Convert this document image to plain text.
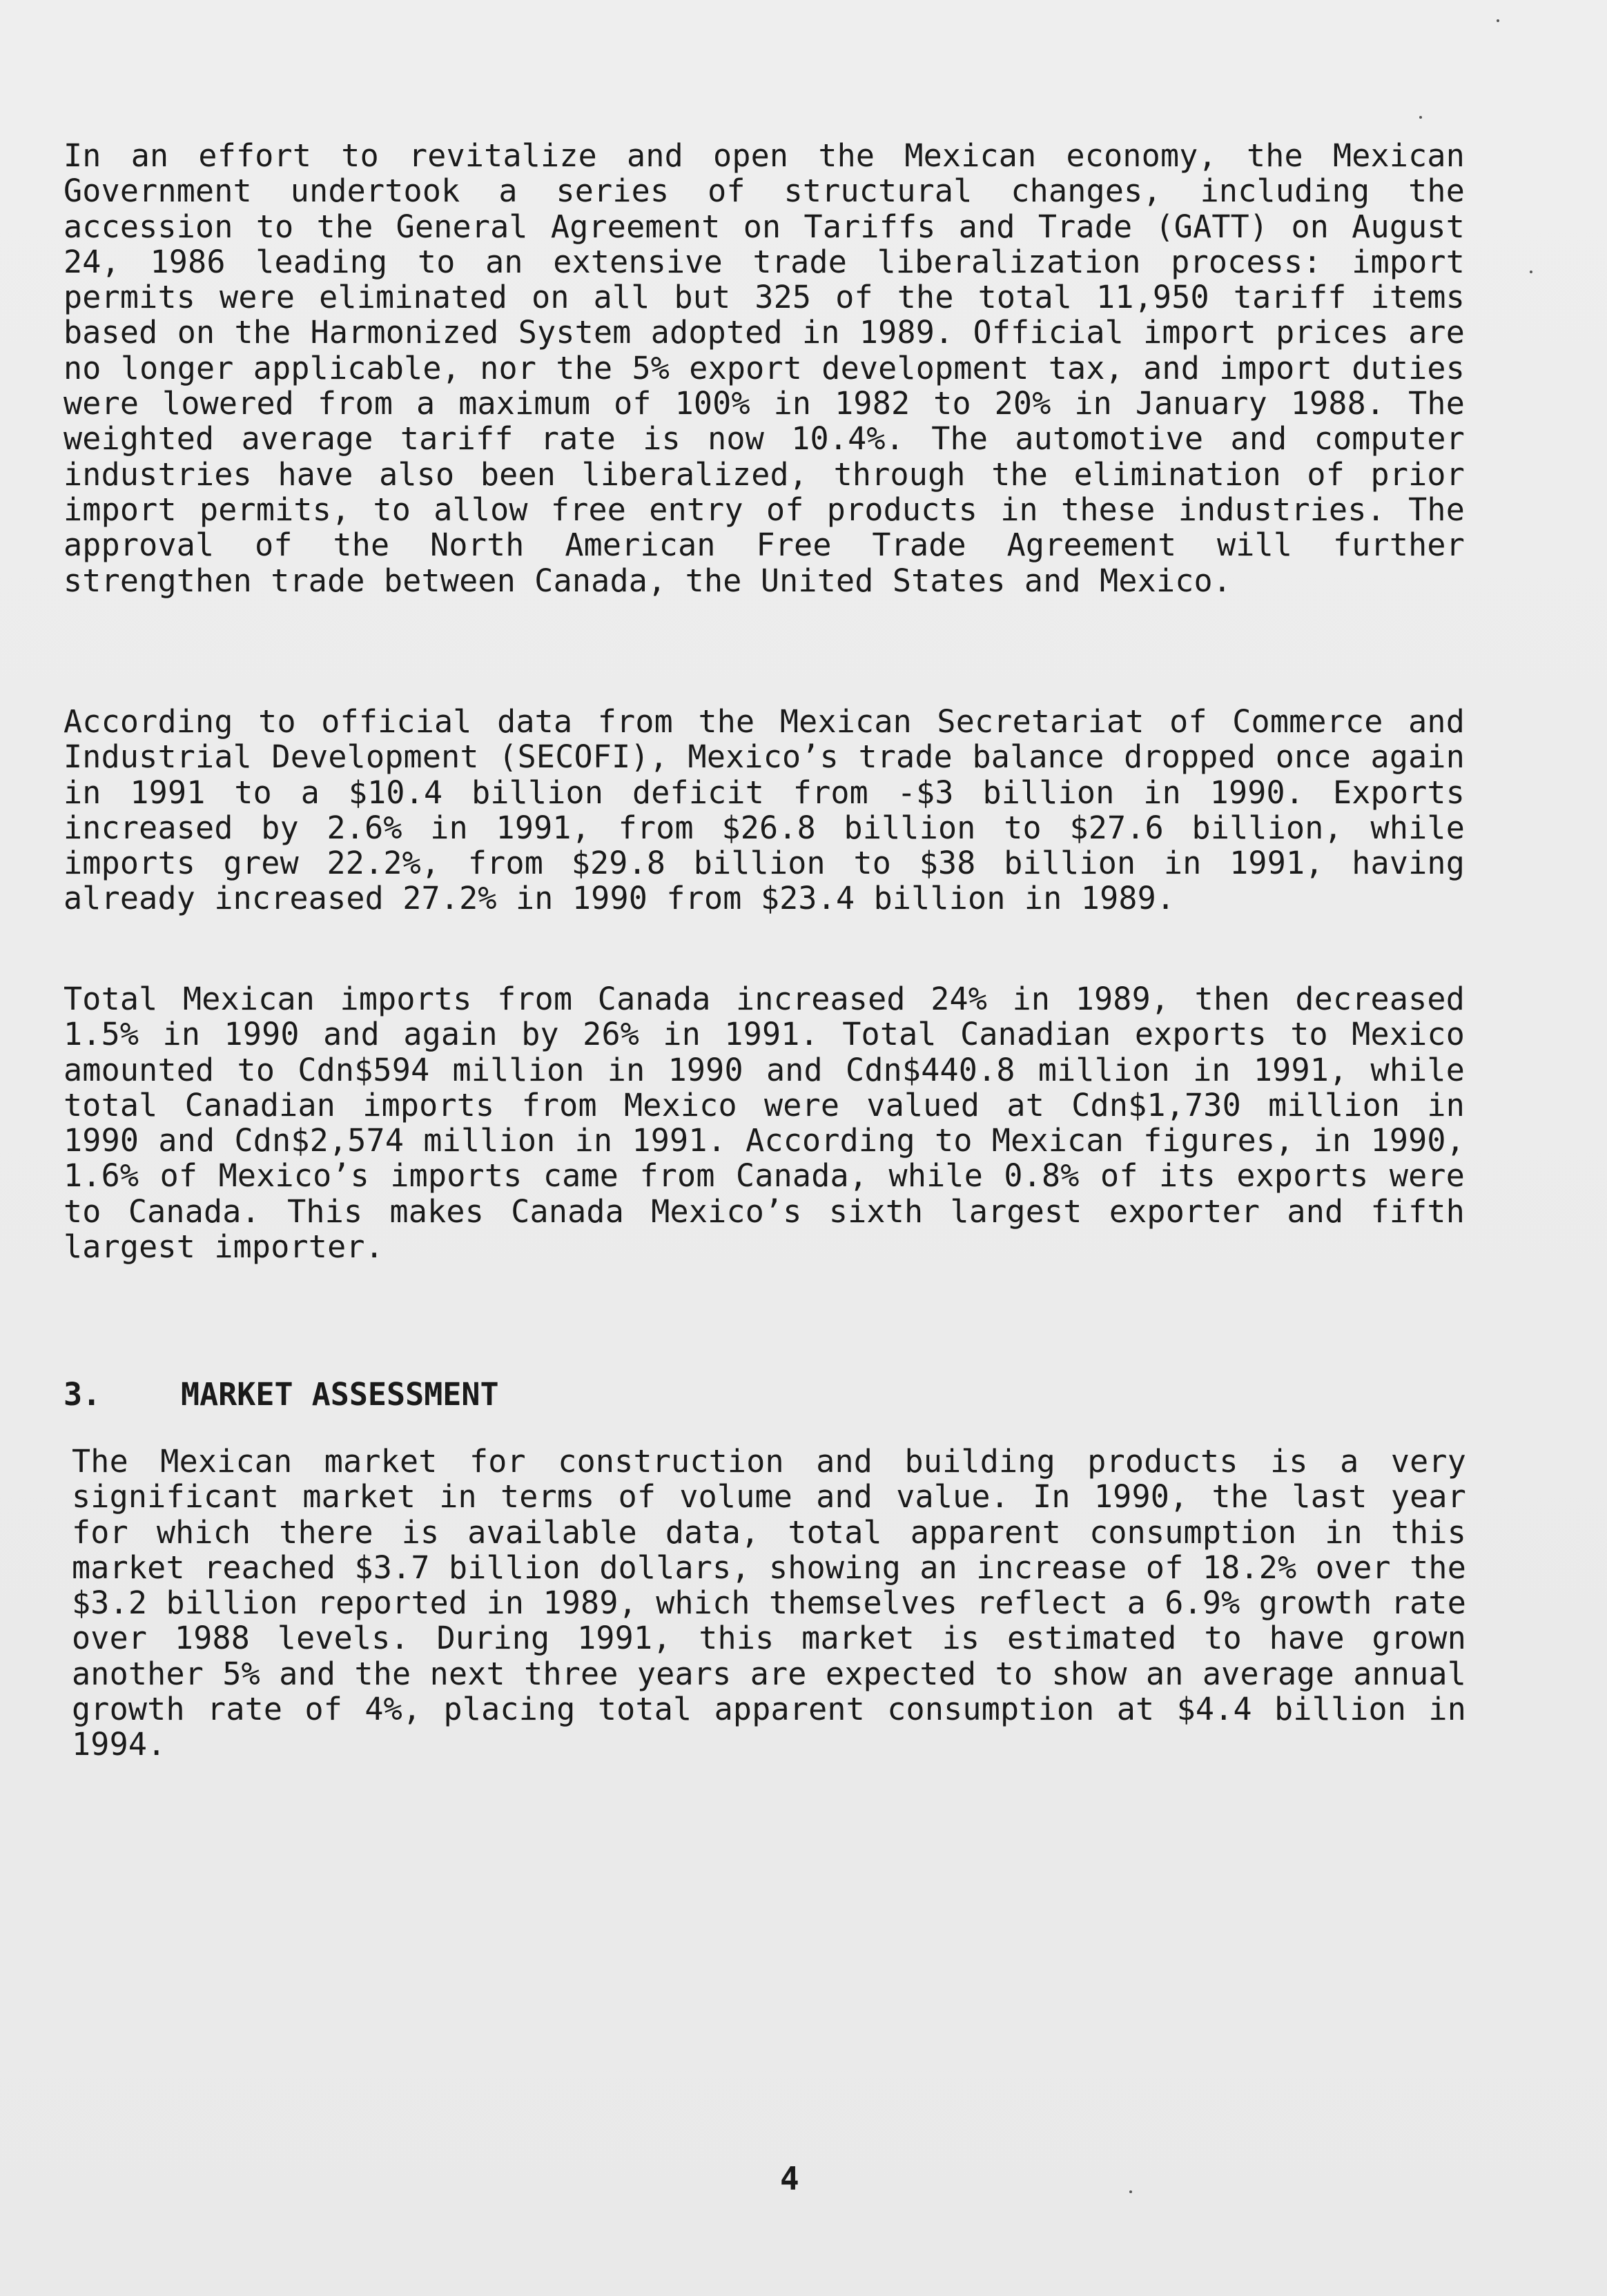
In an effort to revitalize and open the Mexican economy, the Mexican Government undertook a series of structural changes, including the accession to the General Agreement on Tariffs and Trade (GATT) on August 24, 1986 leading to an extensive trade liberalization process: import permits were eliminated on all but 325 of the total 11,950 tariff items based on the Harmonized System adopted in 1989. Official import prices are no longer applicable, nor the 5% export development tax, and import duties were lowered from a maximum of 100% in 1982 to 20% in January 1988. The weighted average tariff rate is now 10.4%. The automotive and computer industries have also been liberalized, through the elimination of prior import permits, to allow free entry of products in these industries. The approval of the North American Free Trade Agreement will further strengthen trade between Canada, the United States and Mexico.
According to official data from the Mexican Secretariat of Commerce and Industrial Development (SECOFI), Mexico’s trade balance dropped once again in 1991 to a $10.4 billion deficit from -$3 billion in 1990. Exports increased by 2.6% in 1991, from $26.8 billion to $27.6 billion, while imports grew 22.2%, from $29.8 billion to $38 billion in 1991, having already increased 27.2% in 1990 from $23.4 billion in 1989.
Total Mexican imports from Canada increased 24% in 1989, then decreased 1.5% in 1990 and again by 26% in 1991. Total Canadian exports to Mexico amounted to Cdn$594 million in 1990 and Cdn$440.8 million in 1991, while total Canadian imports from Mexico were valued at Cdn$1,730 million in 1990 and Cdn$2,574 million in 1991. According to Mexican figures, in 1990, 1.6% of Mexico’s imports came from Canada, while 0.8% of its exports were to Canada. This makes Canada Mexico’s sixth largest exporter and fifth largest importer.
3.	MARKET ASSESSMENT
The Mexican market for construction and building products is a very significant market in terms of volume and value. In 1990, the last year for which there is available data, total apparent consumption in this market reached $3.7 billion dollars, showing an increase of 18.2% over the $3.2 billion reported in 1989, which themselves reflect a 6.9% growth rate over 1988 levels. During 1991, this market is estimated to have grown another 5% and the next three years are expected to show an average annual growth rate of 4%, placing total apparent consumption at $4.4 billion in 1994.
4
